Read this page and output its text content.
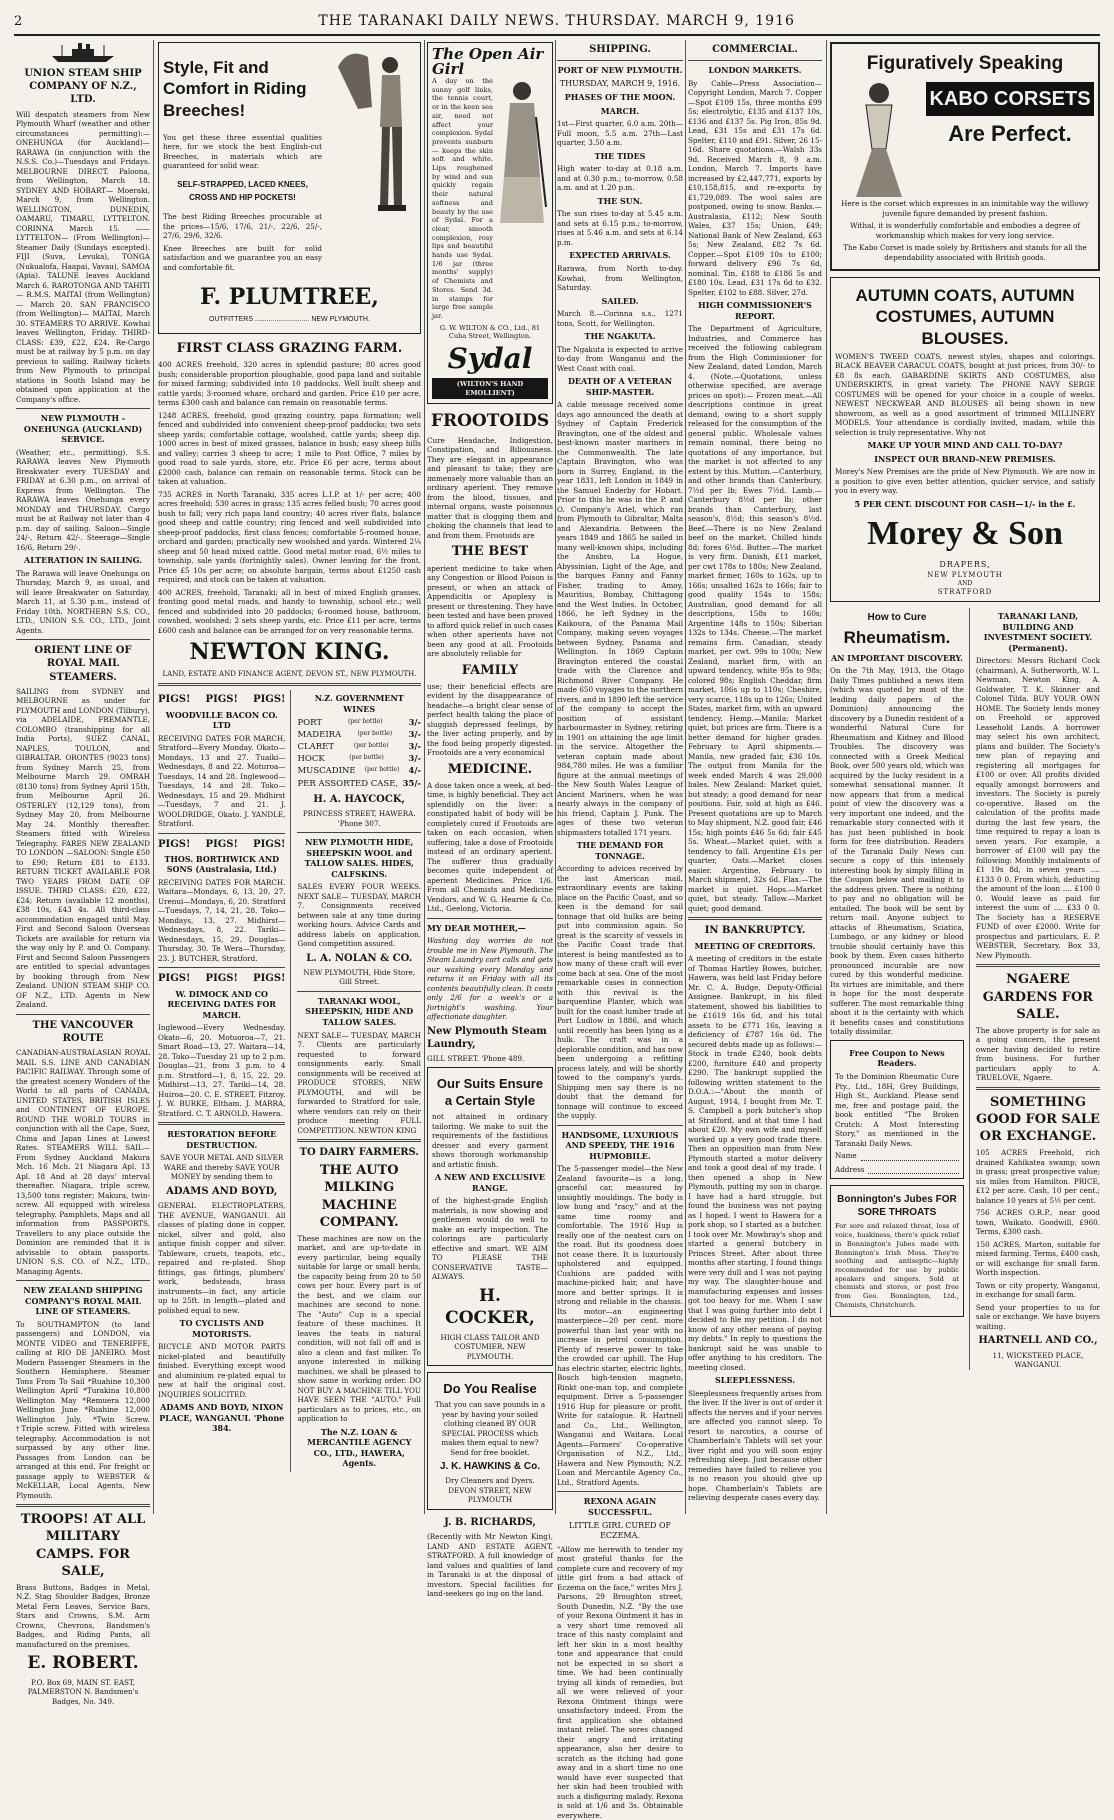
2	THE TARANAKI DAILY NEWS. THURSDAY. MARCH 9, 1916
UNION STEAM SHIP COMPANY OF N.Z., LTD.

Will despatch steamers from New Plymouth Wharf (weather and other circumstances permitting):— ONEHUNGA (for Auckland)— RARAWA (in conjunction with the N.S.S. Co.)—Tuesdays and Fridays. MELBOURNE DIRECT. Paloona, from Wellington, March 18. SYDNEY AND HOBART— Moeraki, March 9, from Wellington. WELLINGTON, DUNEDIN, OAMARU, TIMARU, LYTTELTON. CORINNA March 15. ——LYTTELTON— (From Wellington)— Steamer Daily (Sundays excepted). FIJI (Suva, Levuka), TONGA (Nukualofa, Haapai, Vavau), SAMOA (Apia). TALUNE leaves Auckland March 6. RAROTONGA AND TAHITI— R.M.S. MAITAI (from Wellington)— March 20. SAN FRANCISCO (from Wellington)— MAITAI, March 30. STEAMERS TO ARRIVE. Kowhai leaves Wellington, Friday. THIRD-CLASS: £39, £22, £24. Re-Cargo must be at railway by 5 p.m. on day previous to sailing. Railway tickets from New Plymouth to principal stations in South Island may be obtained upon application at the Company's office.

NEW PLYMOUTH - ONEHUNGA (AUCKLAND) SERVICE.

(Weather, etc., permitting). S.S. RARAWA leaves New Plymouth Breakwater every TUESDAY and FRIDAY at 6.30 p.m., on arrival of Express from Wellington. The RARAWA leaves Onehunga every MONDAY and THURSDAY. Cargo must be at Railway not later than 4 p.m. day of sailing. Saloon—Single 24/-, Return 42/-. Steerage—Single 16/6, Return 29/-.

ALTERATION IN SAILING.

The Rarawa will leave Onehunga on Thursday, March 9, as usual, and will leave Breakwater on Saturday, March 11, at 5.30 p.m., instead of Friday 10th. NORTHERN S.S. CO., LTD., UNION S.S. CO., LTD., Joint Agents.

ORIENT LINE OF ROYAL MAIL STEAMERS.

SAILING from SYDNEY and MELBOURNE as under for PLYMOUTH and LONDON (Tilbury), via ADELAIDE, FREMANTLE, COLOMBO (transhipping for all India Ports), SUEZ CANAL, NAPLES, TOULON, and GIBRALTAR. ORONTES (9023 tons) from Sydney March 25, from Melbourne March 29. OMRAH (8130 tons) from Sydney April 15th, from Melbourne April 26. OSTERLEY (12,129 tons), from Sydney May 20, from Melbourne May 24. Monthly thereafter. Steamers fitted with Wireless Telegraphy. FARES NEW ZEALAND TO LONDON —SALOON: Single £50 to £90; Return £81 to £133. RETURN TICKET AVAILABLE FOR TWO YEARS FROM DATE OF ISSUE. THIRD CLASS: £20, £22, £24; Return (available 12 months), £38 10s, £43 4s. All third-class accommodation engaged until May. First and Second Saloon Overseas Tickets are available for return via the way only by P. and O. Company. First and Second Saloon Passengers are entitled to special advantages by booking through from New Zealand. UNION STEAM SHIP CO. OF N.Z., LTD. Agents in New Zealand.

THE VANCOUVER ROUTE

CANADIAN-AUSTRALASIAN ROYAL MAIL S.S. LINE AND CANADIAN PACIFIC RAILWAY. Through some of the greatest scenery Wonders of the World to all parts of CANADA, UNITED STATES, BRITISH ISLES and CONTINENT OF EUROPE. ROUND THE WORLD TOURS in conjunction with all the Cape, Suez, China and Japan Lines at Lowest Rates. STEAMERS WILL SAIL— From Sydney Auckland Makura Mch. 16 Mch. 21 Niagara Apl. 13 Apl. 18 And at 28 days' interval thereafter. Niagara, triple screw, 13,500 tons register; Makura, twin-screw. All equipped with wireless telegraphy. Pamphlets, Maps and all information from PASSPORTS. Travellers to any place outside the Dominion are reminded that it is advisable to obtain passports. UNION S.S. CO. of N.Z., LTD., Managing Agents.

NEW ZEALAND SHIPPING COMPANY'S ROYAL MAIL LINE OF STEAMERS.

To SOUTHAMPTON (to land passengers) and LONDON, via MONTE VIDEO and TENERIFFE, calling at RIO DE JANEIRO. Most Modern Passenger Steamers in the Southern Hemisphere. Steamer Tons From To Sail *Ruahine 10,300 Wellington April *Turakina 10,800 Wellington May *Remuera 12,000 Wellington June *Ruahine 12,000 Wellington July. *Twin Screw. †Triple screw. Fitted with wireless telegraphy. Accommodation is not surpassed by any other line. Passages from London can be arranged at this end. For freight or passage apply to WEBSTER & McKELLAR, Local Agents, New Plymouth.

TROOPS! AT ALL MILITARY CAMPS. FOR SALE,

Brass Buttons, Badges in Metal, N.Z. Stag Shoulder Badges, Bronze Metal Fern Leaves, Service Bars, Stars and Crowns, S.M. Arm Crowns, Chevrons, Bandsmen's Badges, and Riding Pants, all manufactured on the premises.

E. ROBERT.

P.O. Box 69, MAIN ST. EAST, PALMERSTON N. Bandsmen's Badges, No. 349.

Style, Fit and Comfort in Riding Breeches!

You get these three essential qualities here, for we stock the best English-cut Breeches, in materials which are guaranteed for solid wear.

SELF-STRAPPED, LACED KNEES, CROSS AND HIP POCKETS!

The best Riding Breeches procurable at the prices—15/6, 17/6, 21/-, 22/6, 25/-, 27/6, 29/6, 32/6.

Knee Breeches are built for solid satisfaction and we guarantee you an easy and comfortable fit.

F. PLUMTREE,
OUTFITTERS ............................ NEW PLYMOUTH.
FIRST CLASS GRAZING FARM.

400 ACRES freehold, 320 acres in splendid pasture; 80 acres good bush; considerable proportion ploughable, good papa land and suitable for mixed farming; subdivided into 10 paddocks. Well built sheep and cattle yards; 3-roomed whare, orchard and garden. Price £10 per acre, terms £300 cash and balance can remain on reasonable terms.

1248 ACRES, freehold, good grazing country, papa formation; well fenced and subdivided into convenient sheep-proof paddocks; two sets sheep yards; comfortable cottage, woolshed, cattle yards; sheep dip. 1000 acres in best of mixed grasses, balance in bush; easy sheep hills and valley; carries 3 sheep to acre; 1 mile to Post Office, 7 miles by good road to sale yards, store, etc. Price £6 per acre, terms about £2000 cash, balance can remain on reasonable terms. Stock can be taken at valuation.

735 ACRES in North Taranaki, 335 acres L.I.P. at 1/- per acre; 400 acres freehold; 530 acres in grass; 135 acres felled bush; 70 acres good bush to fall; very rich papa land country; 40 acres river flats, balance good sheep and cattle country; ring fenced and well subdivided into sheep-proof paddocks, first class fences; comfortable 5-roomed house, orchard and garden; practically new woolshed and yards. Wintered 2¼ sheep and 50 head mixed cattle. Good metal motor road, 6½ miles to township, sale yards (fortnightly sales). Owner leaving for the front. Price £5 10s per acre; on absolute bargain, terms about £1250 cash required, and stock can be taken at valuation.

400 ACRES, freehold, Taranaki; all in best of mixed English grasses, fronting good metal roads, and handy to township, school etc.; well fenced and subdivided into 20 paddocks; 6-roomed house, bathroom, cowshed, woolshed; 2 sets sheep yards, etc. Price £11 per acre, terms £600 cash and balance can be arranged for on very reasonable terms.

NEWTON KING.
LAND, ESTATE AND FINANCE AGENT, DEVON ST., NEW PLYMOUTH.
PIGS! PIGS! PIGS!
WOODVILLE BACON CO. LTD

RECEIVING DATES FOR MARCH, Stratford—Every Monday. Okato—Mondays, 13 and 27. Tuaiki—Wednesdays, 8 and 22. Moturoa—Tuesdays, 14 and 28. Inglewood—Tuesdays, 14 and 28. Toko—Wednesdays, 15 and 29. Midhirst—Tuesdays, 7 and 21. J. WOOLDRIDGE, Okato. J. YANDLE, Stratford.

PIGS! PIGS! PIGS!
THOS. BORTHWICK AND SONS (Australasia, Ltd.)

RECEIVING DATES FOR MARCH. Waitara—Mondays, 6, 13, 20, 27. Urenui—Mondays, 6, 20. Stratford—Tuesdays, 7, 14, 21, 28. Toko—Mondays, 13, 27. Midhirst—Wednesdays, 8, 22. Tariki—Wednesdays, 15, 29. Douglas—Thursday, 30. Te Wera—Thursday, 23. J. BUTCHER, Stratford.

PIGS! PIGS! PIGS!
W. DIMOCK AND CO RECEIVING DATES FOR MARCH.

Inglewood—Every Wednesday. Okato—6, 20. Motuoroa—7, 21. Smart Road—13, 27. Waitara—14, 28. Toko—Tuesday 21 up to 2 p.m. Douglas—21, from 3 p.m. to 4 p.m. Stratford—1, 8, 15, 22, 29. Midhirst—13, 27. Tariki—14, 28. Huiroa—20. C. E. STREET, Fitzroy. J. W. BURKE, Eltham. J. MARRA, Stratford. C. T. ARNOLD, Hawera.

RESTORATION BEFORE DESTRUCTION.

SAVE YOUR METAL AND SILVER WARE and thereby SAVE YOUR MONEY by sending them to

ADAMS AND BOYD,

GENERAL ELECTROPLATERS, THE AVENUE, WANGANUI. All classes of plating done in copper, nickel, silver and gold, also antique finish copper and silver. Tableware, cruets, teapots, etc., repaired and re-plated. Shop fittings, gas fittings, plumbers' work, bedsteads, brass instruments—in fact, any article up to 25ft. in length—plated and polished equal to new.

TO CYCLISTS AND MOTORISTS.

BICYCLE AND MOTOR PARTS nickel-plated and beautifully finished. Everything except wood and aluminium re-plated equal to new at half the original cost. INQUIRIES SOLICITED.

ADAMS AND BOYD, NIXON PLACE, WANGANUI. 'Phone 384.
N.Z. GOVERNMENT WINES
PORT	(per bottle)	3/-
MADEIRA	(per bottle) 3/-
CLARET	(per bottle) 3/-
HOCK	(per bottle)	3/-
MUSCADINE (per bottle) 4/-
PER ASSORTED CASE, 35/-
H. A. HAYCOCK,

PRINCESS STREET, HAWERA. 'Phone 307.

NEW PLYMOUTH HIDE, SHEEPSKIN WOOL and TALLOW SALES. HIDES, CALFSKINS.

SALES EVERY FOUR WEEKS. NEXT SALE— TUESDAY, MARCH 7. Consignments received between sale at any time during working hours. Advice Cards and address labels on application. Good competition assured.

L. A. NOLAN & CO.

NEW PLYMOUTH, Hide Store, Gill Street.

TARANAKI WOOL, SHEEPSKIN, HIDE AND TALLOW SALES.

NEXT SALE— TUESDAY, MARCH 7. Clients are particularly requested to forward consignments early. Small consignments will be received at PRODUCE STORES, NEW PLYMOUTH, and will be forwarded to Stratford for sale, where vendors can rely on their produce meeting FULL COMPETITION. NEWTON KING

TO DAIRY FARMERS.
THE AUTO MILKING MACHINE COMPANY.

These machines are now on the market, and are up-to-date in every particular, being equally suitable for large or small herds, the capacity being from 20 to 50 cows per hour. Every part is of the best, and we claim our machines are second to none. The "Auto" Cup is a special feature of these machines. It leaves the teats in natural condition, will not fall off and is also a clean and fast milker. To anyone interested in milking machines, we shall be pleased to show same in working order. DO NOT BUY A MACHINE TILL YOU HAVE SEEN THE "AUTO." Full particulars as to prices, etc., on application to

The N.Z. LOAN & MERCANTILE AGENCY CO., LTD., HAWERA, Agents.
The Open Air Girl

A day on the sunny golf links, the tennis court, or in the keen sea air, need not affect your complexion. Sydal prevents sunburn — keeps the skin soft and white. Lips roughened by wind and sun quickly regain their natural softness and beauty by the use of Sydal. For a clear, smooth complexion, rosy lips and beautiful hands use Sydal. 1/6 jar (three months' supply) of Chemists and Stores. Send 3d. in stamps for large free sample jar.

G. W. WILTON & CO., Ltd., 81 Cuba Street, Wellington.
Sydal
(WILTON'S HAND EMOLLIENT)
FROOTOIDS

Cure Headache, Indigestion, Constipation, and Biliousness. They are elegant in appearance and pleasant to take; they are immensely more valuable than an ordinary aperient. They remove from the blood, tissues, and internal organs, waste poisonous matter that is clogging them and choking the channels that lead to and from them. Frootoids are

THE BEST

aperient medicine to take when any Congestion or Blood Poison is present, or when an attack of Appendicitis or Apoplexy is present or threatening. They have been tested and have been proved to afford quick relief in such cases when other aperients have not been any good at all. Frootoids are absolutely reliable for

FAMILY

use; their beneficial effects are evident by the disappearance of headache—a bright clear sense of perfect health taking the place of sluggish depressed feelings, by the liver acting properly, and by the food being properly digested. Frootoids are a very economical

MEDICINE.

A dose taken once a week, at bed-time, is highly beneficial. They act splendidly on the liver: a constipated habit of body will be completely cured if Frootoids are taken on each occasion, when suffering, take a dose of Frootoids instead of an ordinary aperient. The sufferer thus gradually becomes quite independent of aperient Medicines. Price 1/6. From all Chemists and Medicine Vendors, and W. G. Hearne & Co. Ltd., Geelong, Victoria.

MY DEAR MOTHER,—

Washing day worries do not trouble me in New Plymouth. The Steam Laundry cart calls and gets our washing every Monday and returns it on Friday with all its contents beautifully clean. It costs only 2/6 for a week's or a fortnight's washing. Your affectionate daughter.

New Plymouth Steam Laundry,

GILL STREET. 'Phone 489.

Our Suits Ensure a Certain Style

not attained in ordinary tailoring. We make to suit the requirements of the fastidious dresser and every garment shows thorough workmanship and artistic finish.

A NEW AND EXCLUSIVE RANGE.

of the highest-grade English materials, is now showing and gentlemen would do well to make an early inspection. The colorings are particularly effective and smart. WE AIM TO PLEASE THE CONSERVATIVE TASTE—ALWAYS.

H. COCKER,
HIGH CLASS TAILOR AND COSTUMIER, NEW PLYMOUTH.
Do You Realise

That you can save pounds in a year by having your soiled clothing cleaned BY OUR SPECIAL PROCESS which makes them equal to new? Send for free booklet.

J. K. HAWKINS & Co.
Dry Cleaners and Dyers. DEVON STREET, NEW PLYMOUTH
J. B. RICHARDS,

(Recently with Mr Newton King), LAND AND ESTATE AGENT, STRATFORD. A full knowledge of land values and qualities of land in Taranaki is at the disposal of investors. Special facilities for land-seekers go ing on the land.

SHIPPING.
PORT OF NEW PLYMOUTH.
THURSDAY, MARCH 9, 1916.
PHASES OF THE MOON.
MARCH.

1st—First quarter, 6.0 a.m. 20th—Full moon, 5.5 a.m. 27th—Last quarter, 3.50 a.m.

THE TIDES

High water to-day at 0.18 a.m. and at 0.30 p.m.; to-morrow, 0.58 a.m. and at 1.20 p.m.

THE SUN.

The sun rises to-day at 5.45 a.m. and sets at 6.15 p.m.; to-morrow, rises at 5.46 a.m. and sets at 6.14 p.m.

EXPECTED ARRIVALS.

Rarawa, from North to-day. Kowhai, from Wellington, Saturday.

SAILED.

March 8.—Corinna s.s., 1271 tons, Scott, for Wellington.

THE NGAKUTA.

The Ngakuta is expected to arrive to-day from Wanganui and the West Coast with coal.

DEATH OF A VETERAN SHIP-MASTER.

A cable message received some days ago announced the death at Sydney of Captain Frederick Bravington, one of the oldest and best-known master mariners in the Commonwealth. The late Captain Bravington, who was born in Surrey, England, in the year 1831, left London in 1849 in the Samuel Enderby for Hobart. Prior to this he was in the P. and O. Company's Ariel, which ran from Plymouth to Gibraltar, Malta and Alexandria. Between the years 1849 and 1865 he sailed in many well-known ships, including the Ansbro, La Hogue, Abyssinian, Light of the Age, and the barques Fanny and Fanny Fisher, trading to Amoy, Mauritius, Bombay, Chittagong and the West Indies. In October, 1866, he left Sydney in the Kaikoura, of the Panama Mail Company, making seven voyages between Sydney, Panama and Wellington. In 1869 Captain Bravington entered the coastal trade with the Clarence and Richmond River Company. He made 650 voyages to the northern rivers, and in 1890 left the service of the company to accept the position of assistant harbourmaster in Sydney, retiring in 1901 on attaining the age limit in the service. Altogether the veteran captain made about 984,780 miles. He was a familiar figure at the annual meetings of the New South Wales League of Ancient Mariners, when he was nearly always in the company of his friend, Captain J. Punk. The ages of these two veteran shipmasters totalled 171 years.

THE DEMAND FOR TONNAGE.

According to advices received by the last American mail, extraordinary events are taking place on the Pacific Coast, and so keen is the demand for sail tonnage that old hulks are being put into commission again. So great is the scarcity of vessels in the Pacific Coast trade that interest is being manifested as to how many of these craft will ever come back at sea. One of the most remarkable cases in connection with this revival is the barquentine Planter, which was built for the coast lumber trade at Port Ludlow in 1886, and which until recently has been lying as a hulk. The craft was in a deplorable condition, and has now been undergoing a refitting process lately, and will be shortly towed to the company's yards. Shipping men say there is no doubt that the demand for tonnage will continue to exceed the supply.

HANDSOME, LUXURIOUS AND SPEEDY, THE 1916 HUPMOBILE.

The 5-passenger model—the New Zealand favourite—is a long, graceful car, measured by unsightly mouldings. The body is low hung and "racy," and at the same time roomy and comfortable. The 1916 Hup is really one of the neatest cars on the road. But its goodness does not cease there. It is luxuriously upholstered and equipped. Cushions are padded with machine-picked hair, and have more and better springs. It is strong and reliable in the chassis. Its motor—an engineering masterpiece—20 per cent. more powerful than last year with no increase in petrol consumption. Plenty of reserve power to take the crowded car uphill. The Hup has electric starter, electric lights, Bosch high-tension magneto, Rinkt one-man top, and complete equipment. Drive a 5-passenger 1916 Hup for pleasure or profit. Write for catalogue. R. Hartnell and Co., Ltd., Wellington, Wanganui and Waitara. Local Agents—Farmers' Co-operative Organisation of N.Z., Ltd., Hawera and New Plymouth; N.Z. Loan and Mercantile Agency Co., Ltd., Stratford Agents.

REXONA AGAIN SUCCESSFUL.
LITTLE GIRL CURED OF ECZEMA.

"Allow me herewith to tender my most grateful thanks for the complete cure and recovery of my little girl from a bad attack of Eczema on the face," writes Mrs J. Parsons, 29 Broughton street, South Dunedin, N.Z. "By the use of your Rexona Ointment it has in a very short time removed all trace of this nasty complaint and left her skin in a most healthy tone and appearance that could not be expected in so short a time. We had been continually trying all kinds of remedies, but all we were relieved of your Rexona Ointment things were unsatisfactory indeed. From the first application she obtained instant relief. The sores changed their angry and irritating appearance, also her desire to scratch as the itching had gone away and in a short time no one would have ever suspected that her skin had been troubled with such a disfiguring malady. Rexona is sold at 1/6 and 3s. Obtainable everywhere.

COMMERCIAL.
LONDON MARKETS.

By Cable—Press Association—Copyright London, March 7. Copper—Spot £109 15s, three months £99 5s; electrolytic, £135 and £137 10s, £136 and £137 5s. Pig Iron, 85s 9d. Lead, £31 15s and £31 17s 6d. Spelter, £110 and £91. Silver, 26 15-16d. Share quotations.—Walsh 33s 9d. Received March 8, 9 a.m. London, March 7. Imports have increased by £2,447,771, exports by £10,158,815, and re-exports by £1,729,089. The wool sales are postponed, owing to snow. Banks.—Australasia, £112; New South Wales, £37 15s; Union, £49; National Bank of New Zealand, £63 5s; New Zealand, £82 7s 6d. Copper.—Spot £109 10s to £100; forward delivery £96 7s 6d, nominal. Tin, £188 to £186 5s and £180 10s. Lead, £31 17s 6d to £32. Spelter, £102 to £88. Silver, 27d.

HIGH COMMISSIONER'S REPORT.

The Department of Agriculture, Industries, and Commerce has received the following cablegram from the High Commissioner for New Zealand, dated London, March 4. (Note.—Quotations, unless otherwise specified, are average prices on spot):— Frozen meat.—All descriptions continue in great demand, owing to a short supply released for the consumption of the general public. Wholesale values remain nominal, there being no quotations of any importance, but the market is not affected to any extent by this. Mutton.—Canterbury, and other brands than Canterbury, 7½d per lb; Ewes 7½d. Lamb.—Canterbury 8½d per lb; other brands than Canterbury, last season's, 8½d; this season's 8½d. Beef.—There is no New Zealand beef on the market. Chilled hinds 8d; fores 6½d. Butter.—The market is very firm. Danish, £11 market, per cwt 178s to 180s; New Zealand, market firmer, 160s to 162s, up to 166s; unsalted 162s to 166s; fair to good quality 154s to 158s; Australian, good demand for all descriptions, 158s to 160s; Argentine 148s to 150s; Siberian 132s to 134s. Cheese.—The market remains firm. Canadian, steady market, per cwt. 99s to 100s; New Zealand, market firm, with an upward tendency, white 95s to 98s; colored 98s; English Cheddar, firm market, 106s up to 110s; Cheshire, very scarce, 118s up to 126s; United States, market firm, with an upward tendency. Hemp.—Manila: Market quiet, but prices are firm. There is a better demand for higher grades. February to April shipments.—Manila, new graded fair, £36 10s. The output from Manila for the week ended March 4 was 29,000 bales. New Zealand: Market quiet, but steady; a good demand for near positions. Fair, sold at high as £46. Present quotations are up to March to May shipment, N.Z. good fair, £46 15s; high points £46 5s 6d; fair £45 5s. Wheat.—Market quiet, with a tendency to fall. Argentine £1s per quarter, Oats.—Market closes easier. Argentine, February to March shipment, 32s 6d. Flax.—The market is quiet. Hops.—Market quiet, but steady. Tallow.—Market quiet; good demand.

IN BANKRUPTCY.
MEETING OF CREDITORS.

A meeting of creditors in the estate of Thomas Hartley Bowes, butcher, Hawera, was held last Friday before Mr. C. A. Budge, Deputy-Official Assignee. Bankrupt, in his filed statement, showed his liabilities to be £1619 16s 6d, and his total assets to be £771 16s, leaving a deficiency of £787 16s 6d. The secured debts made up as follows:—Stock in trade £240, book debts £200, furniture £40 and property £290. The bankrupt supplied the following written statement to the D.O.A.:—"About the month of August, 1914, I bought from Mr. T. S. Campbell a pork butcher's shop at Stratford, and at that time I had about £20. My own wife and myself worked up a very good trade there. Then an opposition man from New Plymouth started a motor delivery and took a good deal of my trade. I then opened a shop in New Plymouth, putting my son in charge. I have had a hard struggle, but found the business was not paying as I hoped. I went to Hawera for a pork shop, so I started as a butcher. I took over Mr. Mowbray's shop and started a general butchery in Princes Street. After about three months after starting, I found things were very dull and I was not paying my way. The slaughter-house and manufacturing expenses and losses got too heavy for me. When I saw that I was going further into debt I decided to file my petition. I do not know of any other means of paying my debts." In reply to questions the bankrupt said he was unable to offer anything to his creditors. The meeting closed.

SLEEPLESSNESS.

Sleeplessness frequently arises from the liver. If the liver is out of order it affects the nerves and if your nerves are affected you cannot sleep. To resort to narcotics, a course of Chamberlain's Tablets will set your liver right and you will soon enjoy refreshing sleep. Just because other remedies have failed to relieve you is no reason you should give up hope. Chamberlain's Tablets are relieving desperate cases every day.

Figuratively Speaking
KABO CORSETS
Are Perfect.

Here is the corset which expresses in an inimitable way the willowy juvenile figure demanded by present fashion.

Withal, it is wonderfully comfortable and embodies a degree of workmanship which makes for very long service.

The Kabo Corset is made solely by Britishers and stands for all the dependability associated with British goods.

AUTUMN COATS, AUTUMN COSTUMES, AUTUMN BLOUSES.

WOMEN'S TWEED COATS, newest styles, shapes and colorings. BLACK BEAVER CARACUL COATS, bought at just prices, from 30/- to £8 8s each. GABARDINE SKIRTS AND COSTUMES, also UNDERSKIRTS, in great variety. The PHONE NAVY SERGE COSTUMES will be opened for your choice in a couple of weeks. NEWEST NECKWEAR AND BLOUSES all being shown in new showroom, as well as a good assortment of trimmed MILLINERY MODELS. Your attendance is cordially invited, madam, while this selection is truly representative. Why not

MAKE UP YOUR MIND AND CALL TO-DAY?
INSPECT OUR BRAND-NEW PREMISES.

Morey's New Premises are the pride of New Plymouth. We are now in a position to give even better attention, quicker service, and satisfy you in every way.

5 PER CENT. DISCOUNT FOR CASH—1/- in the £.
Morey & Son
DRAPERS,
NEW PLYMOUTH
AND
STRATFORD
How to Cure
Rheumatism.
AN IMPORTANT DISCOVERY.

On the 7th May, 1913, the Otago Daily Times published a news item (which was quoted by most of the leading daily papers of the Dominion) announcing the discovery by a Dunedin resident of a wonderful Natural Cure for Rheumatism and Kidney and Blood Troubles. The discovery was connected with a Greek Medical Book, over 500 years old, which was acquired by the lucky resident in a somewhat sensational manner. It now appears that from a medical point of view the discovery was a very important one indeed, and the remarkable story connected with it has just been published in book form for free distribution. Readers of the Taranaki Daily News can secure a copy of this intensely interesting book by simply filling in the Coupon below and mailing it to the address given. There is nothing to pay and no obligation will be entailed. The book will be sent by return mail. Anyone subject to attacks of Rheumatism, Sciatica, Lumbago, or any kidney or blood trouble should certainly have this book by them. Even cases hitherto pronounced incurable are now cured by this wonderful medicine. Its virtues are inimitable, and there is hope for the most desperate sufferer. The most remarkable thing about it is the certainty with which it benefits cases and constitutions totally dissimilar.

Free Coupon to News Readers.

To the Dominion Rheumatic Cure Pty., Ltd., 18H, Grey Buildings, High St., Auckland. Please send me, free and postage paid, the book entitled "The Broken Crutch: A Most Interesting Story," as mentioned in the Taranaki Daily News.

Name
Address
Bonnington's Jubes FOR SORE THROATS

For sore and relaxed throat, loss of voice, huskiness, there's quick relief in Bonnington's Jubes made with Bonnington's Irish Moss. They're soothing and antiseptic—highly recommended for use by public speakers and singers. Sold at chemists and stores, or post free from Geo. Bonnington, Ltd., Chemists, Christchurch.

TARANAKI LAND, BUILDING AND INVESTMENT SOCIETY. (Permanent).

Directors: Messrs Richard Cock (chairman), A. Sutherworth, W. L. Newman, Newton King, A. Goldwater, T. K. Skinner and Colonel Tilda. BUY YOUR OWN HOME. The Society lends money on Freehold or approved Leasehold Lands. A borrower may select his own architect, plans and builder. The Society's new plan of repaying and registering all mortgages for £100 or over. All profits divided equally amongst borrowers and investors. The Society is purely co-operative. Based on the calculation of the profits made during the last few years, the time required to repay a loan is seven years. For example, a borrower of £100 will pay the following: Monthly instalments of £1 19s 8d, in seven years .... £133 0 0. From which, deducting the amount of the loan .... £100 0 0. Would leave as paid for interest the sum of .... £33 0 0. The Society has a RESERVE FUND of over £2000. Write for prospectus and particulars, E. P. WEBSTER, Secretary. Box 33, New Plymouth.

NGAERE GARDENS FOR SALE.

The above property is for sale as a going concern, the present owner having decided to retire from business. For further particulars apply to A. TRUELOVE, Ngaere.

SOMETHING GOOD FOR SALE OR EXCHANGE.

105 ACRES Freehold, rich drained Kahikatea swamp; sown in grass; great prospective value; six miles from Hamilton. PRICE, £12 per acre. Cash, 10 per cent.; balance 10 years at 5½ per cent.

756 ACRES O.R.P., near good town, Waikato. Goodwill, £960. Terms, £300 cash.

150 ACRES, Marton, suitable for mixed farming. Terms, £400 cash, or will exchange for small farm. Worth inspection.

Town or city property, Wanganui, in exchange for small farm.

Send your properties to us for sale or exchange. We have buyers waiting.

HARTNELL AND CO.,
11, WICKSTEED PLACE, WANGANUI.
